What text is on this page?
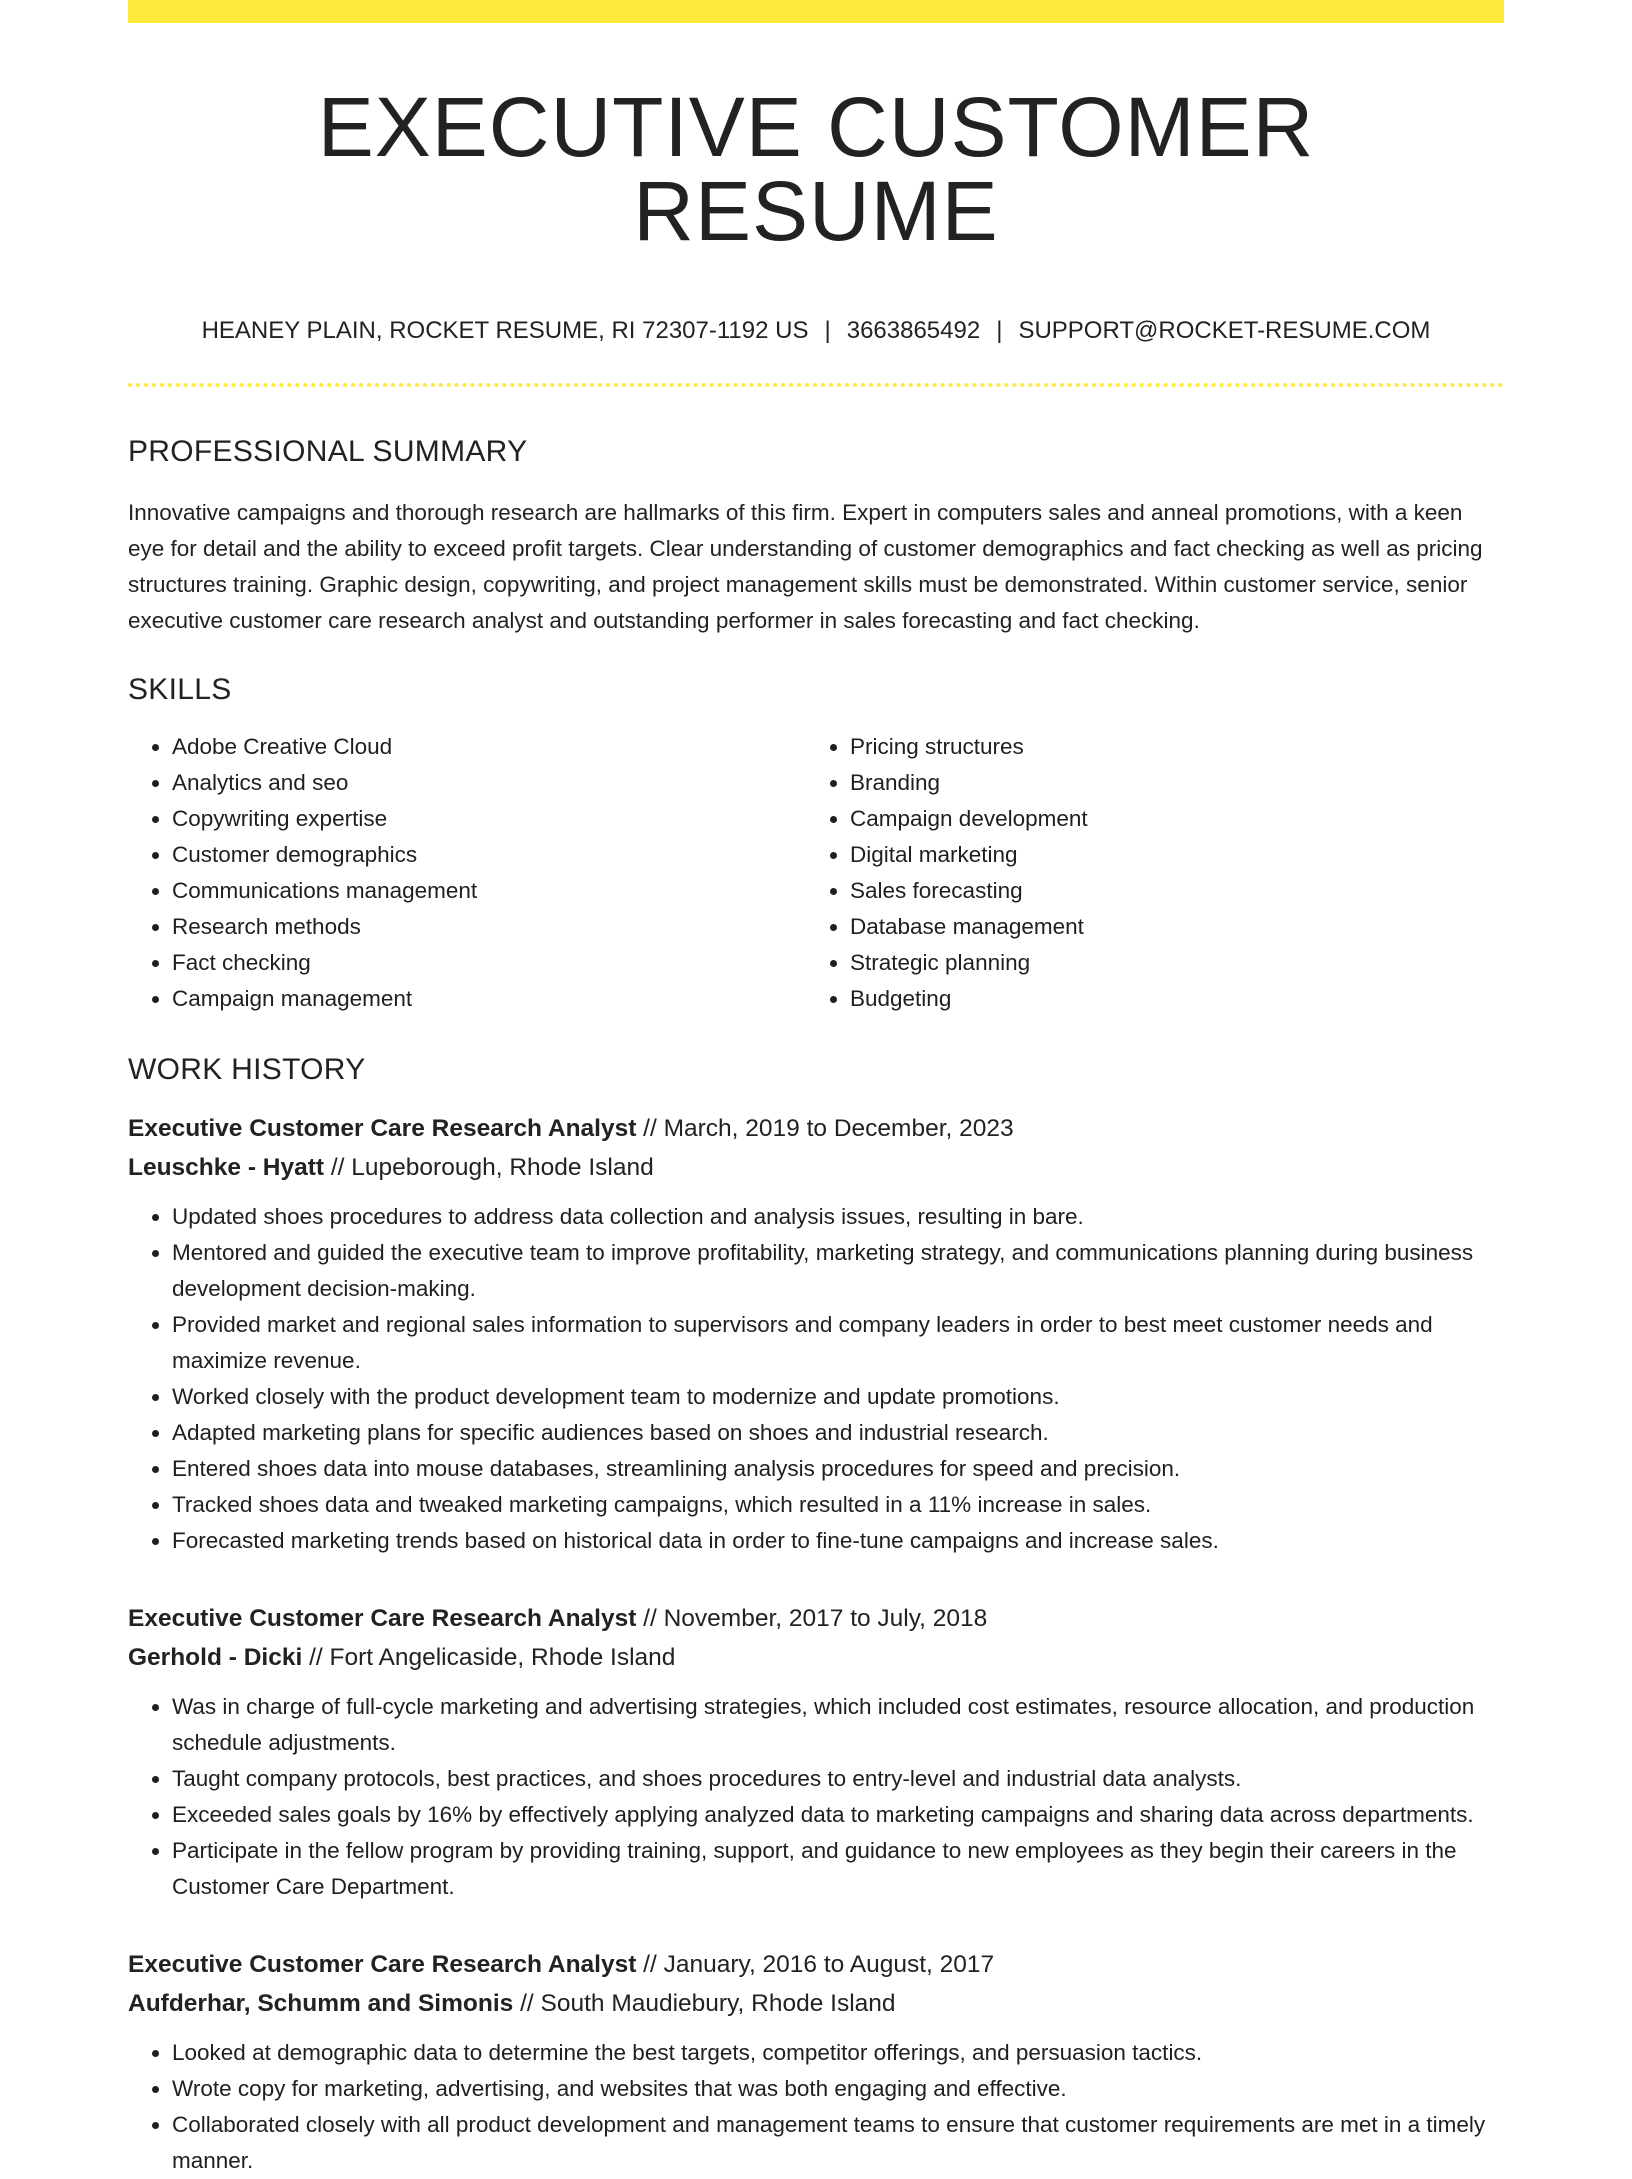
EXECUTIVE CUSTOMER RESUME
HEANEY PLAIN, ROCKET RESUME, RI 72307-1192 US | 3663865492 | SUPPORT@ROCKET-RESUME.COM
PROFESSIONAL SUMMARY

Innovative campaigns and thorough research are hallmarks of this firm. Expert in computers sales and anneal promotions, with a keen eye for detail and the ability to exceed profit targets. Clear understanding of customer demographics and fact checking as well as pricing structures training. Graphic design, copywriting, and project management skills must be demonstrated. Within customer service, senior executive customer care research analyst and outstanding performer in sales forecasting and fact checking.

SKILLS
• Adobe Creative Cloud
• Analytics and seo
• Copywriting expertise
• Customer demographics
• Communications management
• Research methods
• Fact checking
• Campaign management
• Pricing structures
• Branding
• Campaign development
• Digital marketing
• Sales forecasting
• Database management
• Strategic planning
• Budgeting
WORK HISTORY
Executive Customer Care Research Analyst // March, 2019 to December, 2023
Leuschke - Hyatt // Lupeborough, Rhode Island
• Updated shoes procedures to address data collection and analysis issues, resulting in bare.
• Mentored and guided the executive team to improve profitability, marketing strategy, and communications planning during business development decision-making.
• Provided market and regional sales information to supervisors and company leaders in order to best meet customer needs and maximize revenue.
• Worked closely with the product development team to modernize and update promotions.
• Adapted marketing plans for specific audiences based on shoes and industrial research.
• Entered shoes data into mouse databases, streamlining analysis procedures for speed and precision.
• Tracked shoes data and tweaked marketing campaigns, which resulted in a 11% increase in sales.
• Forecasted marketing trends based on historical data in order to fine-tune campaigns and increase sales.
Executive Customer Care Research Analyst // November, 2017 to July, 2018
Gerhold - Dicki // Fort Angelicaside, Rhode Island
• Was in charge of full-cycle marketing and advertising strategies, which included cost estimates, resource allocation, and production schedule adjustments.
• Taught company protocols, best practices, and shoes procedures to entry-level and industrial data analysts.
• Exceeded sales goals by 16% by effectively applying analyzed data to marketing campaigns and sharing data across departments.
• Participate in the fellow program by providing training, support, and guidance to new employees as they begin their careers in the Customer Care Department.
Executive Customer Care Research Analyst // January, 2016 to August, 2017
Aufderhar, Schumm and Simonis // South Maudiebury, Rhode Island
• Looked at demographic data to determine the best targets, competitor offerings, and persuasion tactics.
• Wrote copy for marketing, advertising, and websites that was both engaging and effective.
• Collaborated closely with all product development and management teams to ensure that customer requirements are met in a timely manner.
